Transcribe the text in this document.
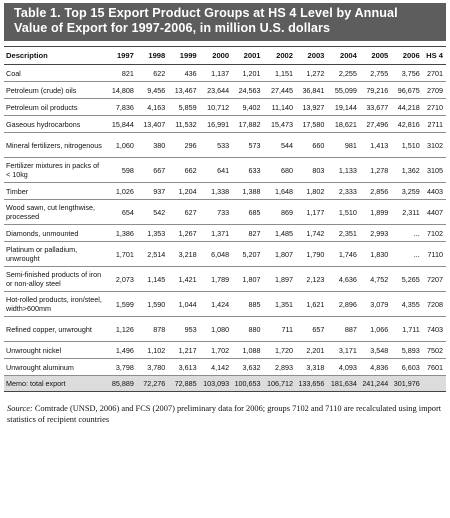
Table 1. Top 15 Export Product Groups at HS 4 Level by Annual
Value of Export for 1997-2006, in million U.S. dollars
Description	1997	1998	1999	2000	2001	2002	2003	2004	2005	2006	HS 4
Coal	821	622	436	1,137	1,201	1,151	1,272	2,255	2,755	3,756	2701
Petroleum (crude) oils	14,808	9,456	13,467	23,644	24,563	27,445	36,841	55,099	79,216	96,675	2709
Petroleum oil products	7,836	4,163	5,859	10,712	9,402	11,140	13,927	19,144	33,677	44,218	2710
Gaseous hydrocarbons	15,844	13,407	11,532	16,991	17,882	15,473	17,580	18,621	27,496	42,816	2711
Mineral fertilizers, nitrogenous	1,060	380	296	533	573	544	660	981	1,413	1,510	3102
Fertilizer mixtures in packs of < 10kg	598	667	662	641	633	680	803	1,133	1,278	1,362	3105
Timber	1,026	937	1,204	1,338	1,388	1,648	1,802	2,333	2,856	3,259	4403
Wood sawn, cut lengthwise, processed	654	542	627	733	685	869	1,177	1,510	1,899	2,311	4407
Diamonds, unmounted	1,386	1,353	1,267	1,371	827	1,485	1,742	2,351	2,993	...	7102
Platinum or palladium, unwrought	1,701	2,514	3,218	6,048	5,207	1,807	1,790	1,746	1,830	...	7110
Semi-finished products of iron or non-alloy steel	2,073	1,145	1,421	1,789	1,807	1,897	2,123	4,636	4,752	5,265	7207
Hot-rolled products, iron/steel, width>600mm	1,599	1,590	1,044	1,424	885	1,351	1,621	2,896	3,079	4,355	7208
Refined copper, unwrought	1,126	878	953	1,080	880	711	657	887	1,066	1,711	7403
Unwrought nickel	1,496	1,102	1,217	1,702	1,088	1,720	2,201	3,171	3,548	5,893	7502
Unwrought aluminum	3,798	3,780	3,613	4,142	3,632	2,893	3,318	4,093	4,836	6,603	7601
Memo: total export	85,889	72,276	72,885	103,093	100,653	106,712	133,656	181,634	241,244	301,976	
Source: Comtrade (UNSD, 2006) and FCS (2007) preliminary data for 2006; groups 7102 and 7110 are recalculated using import statistics of recipient countries
